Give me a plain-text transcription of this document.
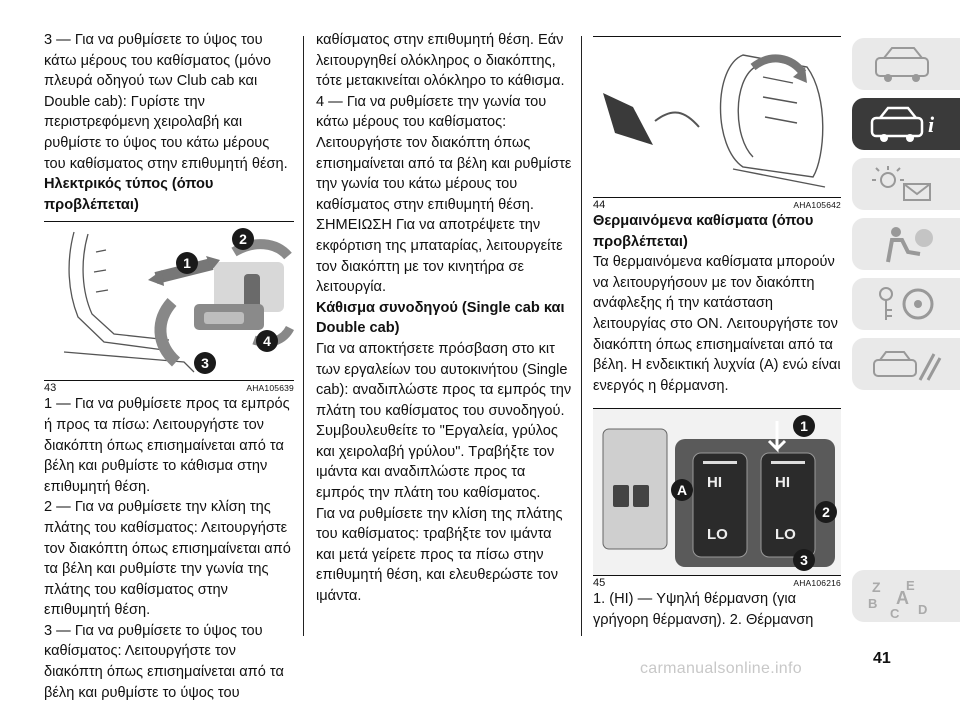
3 — Για να ρυθμίσετε το ύψος του κάτω μέρους του καθίσματος (μόνο πλευρά οδηγού των Club cab και Double cab): Γυρίστε την περιστρεφόμενη χειρολαβή και ρυθμίστε το ύψος του κάτω μέρους του καθίσματος στην επιθυμητή θέση.

Ηλεκτρικός τύπος (όπου προβλέπεται)

1
2
3
4
43	AHA105639

1 — Για να ρυθμίσετε προς τα εμπρός ή προς τα πίσω: Λειτουργήστε τον διακόπτη όπως επισημαίνεται από τα βέλη και ρυθμίστε το κάθισμα στην επιθυμητή θέση.

2 — Για να ρυθμίσετε την κλίση της πλάτης του καθίσματος: Λειτουργήστε τον διακόπτη όπως επισημαίνεται από τα βέλη και ρυθμίστε την γωνία της πλάτης του καθίσματος στην επιθυμητή θέση.

3 — Για να ρυθμίσετε το ύψος του καθίσματος: Λειτουργήστε τον διακόπτη όπως επισημαίνεται από τα βέλη και ρυθμίστε το ύψος του

καθίσματος στην επιθυμητή θέση. Εάν λειτουργηθεί ολόκληρος ο διακόπτης, τότε μετακινείται ολόκληρο το κάθισμα.

4 — Για να ρυθμίσετε την γωνία του κάτω μέρους του καθίσματος: Λειτουργήστε τον διακόπτη όπως επισημαίνεται από τα βέλη και ρυθμίστε την γωνία του κάτω μέρους του καθίσματος στην επιθυμητή θέση.

ΣΗΜΕΙΩΣΗ Για να αποτρέψετε την εκφόρτιση της μπαταρίας, λειτουργείτε τον διακόπτη με τον κινητήρα σε λειτουργία.

Κάθισμα συνοδηγού (Single cab και Double cab)

Για να αποκτήσετε πρόσβαση στο κιτ των εργαλείων του αυτοκινήτου (Single cab): αναδιπλώστε προς τα εμπρός την πλάτη του καθίσματος του συνοδηγού. Συμβουλευθείτε το "Εργαλεία, γρύλος και χειρολαβή γρύλου". Τραβήξτε τον ιμάντα και αναδιπλώστε προς τα εμπρός την πλάτη του καθίσματος.

Για να ρυθμίσετε την κλίση της πλάτης του καθίσματος: τραβήξτε τον ιμάντα και μετά γείρετε προς τα πίσω στην επιθυμητή θέση, και ελευθερώστε τον ιμάντα.

44	AHA105642

Θερμαινόμενα καθίσματα (όπου προβλέπεται)

Τα θερμαινόμενα καθίσματα μπορούν να λειτουργήσουν με τον διακόπτη ανάφλεξης ή την κατάσταση λειτουργίας στο ON. Λειτουργήστε τον διακόπτη όπως επισημαίνεται από τα βέλη. Η ενδεικτική λυχνία (A) ενώ είναι ενεργός η θέρμανση.

HI	HI
LO	LO
1
2
3
A
45	AHA106216

1. (HI) — Υψηλή θέρμανση (για γρήγορη θέρμανση). 2. Θέρμανση

i
Z E
B
C D
A
41
carmanualsonline.info
